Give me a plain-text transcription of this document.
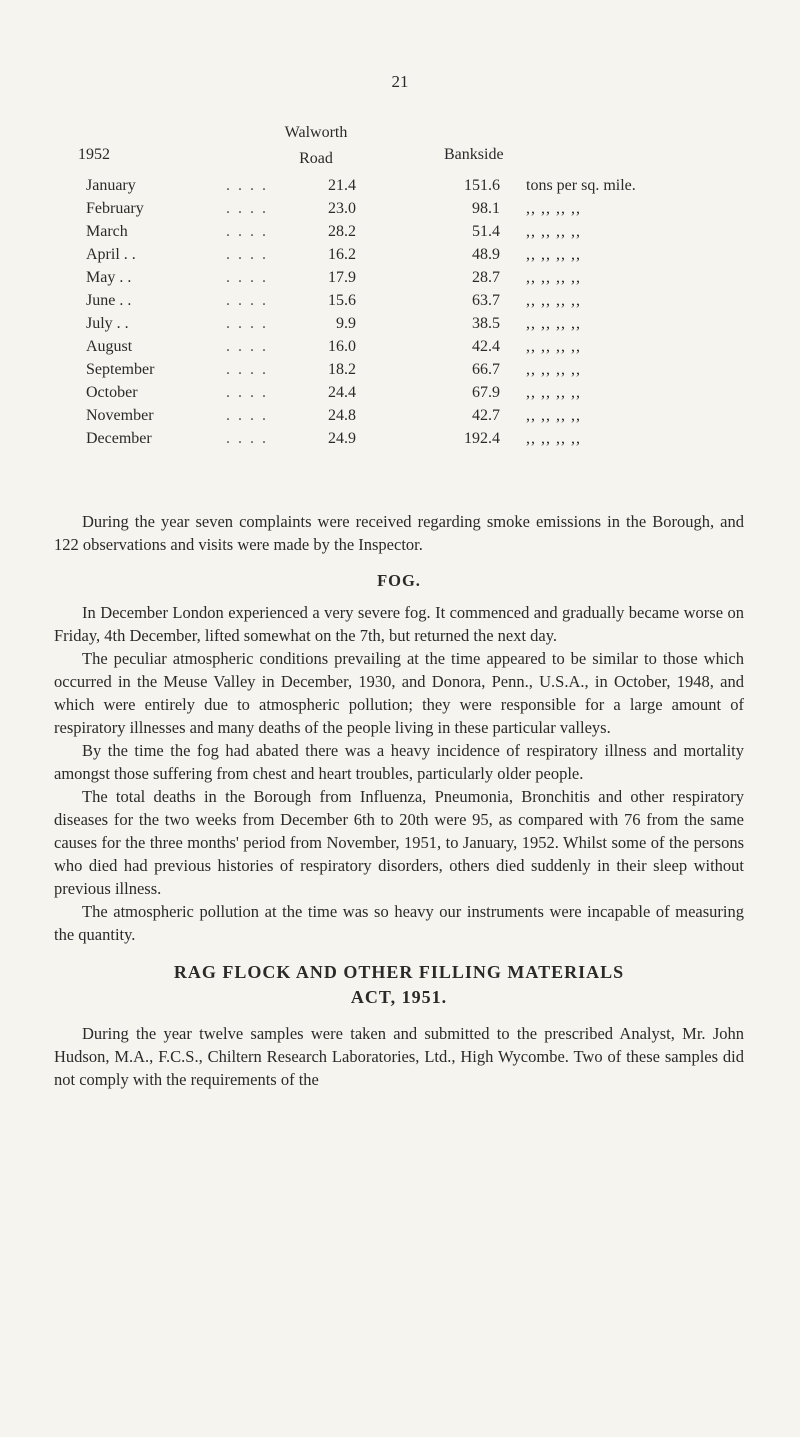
21
1952
Walworth
Road	Bankside
January	. . . .	21.4	151.6 tons per sq. mile.
February	. . . .	23.0	98.1 ,, ,, ,, ,,
March	. . . .	28.2	51.4 ,, ,, ,, ,,
April . .	. . . .	16.2	48.9 ,, ,, ,, ,,
May . .	. . . .	17.9	28.7 ,, ,, ,, ,,
June . .	. . . .	15.6	63.7 ,, ,, ,, ,,
July . .	. . . .	9.9	38.5 ,, ,, ,, ,,
August	. . . .	16.0	42.4 ,, ,, ,, ,,
September	. . . .	18.2	66.7 ,, ,, ,, ,,
October	. . . .	24.4	67.9 ,, ,, ,, ,,
November	. . . .	24.8	42.7 ,, ,, ,, ,,
December	. . . .	24.9	192.4 ,, ,, ,, ,,

During the year seven complaints were received regarding smoke emissions in the Borough, and 122 observations and visits were made by the Inspector.

FOG.

In December London experienced a very severe fog. It commenced and gradually became worse on Friday, 4th December, lifted somewhat on the 7th, but returned the next day.

The peculiar atmospheric conditions prevailing at the time appeared to be similar to those which occurred in the Meuse Valley in December, 1930, and Donora, Penn., U.S.A., in October, 1948, and which were entirely due to atmospheric pollution; they were responsible for a large amount of respiratory illnesses and many deaths of the people living in these particular valleys.

By the time the fog had abated there was a heavy incidence of respiratory illness and mortality amongst those suffering from chest and heart troubles, particularly older people.

The total deaths in the Borough from Influenza, Pneumonia, Bronchitis and other respiratory diseases for the two weeks from December 6th to 20th were 95, as compared with 76 from the same causes for the three months' period from November, 1951, to January, 1952. Whilst some of the persons who died had previous histories of respiratory disorders, others died suddenly in their sleep without previous illness.

The atmospheric pollution at the time was so heavy our instruments were incapable of measuring the quantity.

RAG FLOCK AND OTHER FILLING MATERIALS
ACT, 1951.

During the year twelve samples were taken and submitted to the prescribed Analyst, Mr. John Hudson, M.A., F.C.S., Chiltern Research Laboratories, Ltd., High Wycombe. Two of these samples did not comply with the requirements of the
